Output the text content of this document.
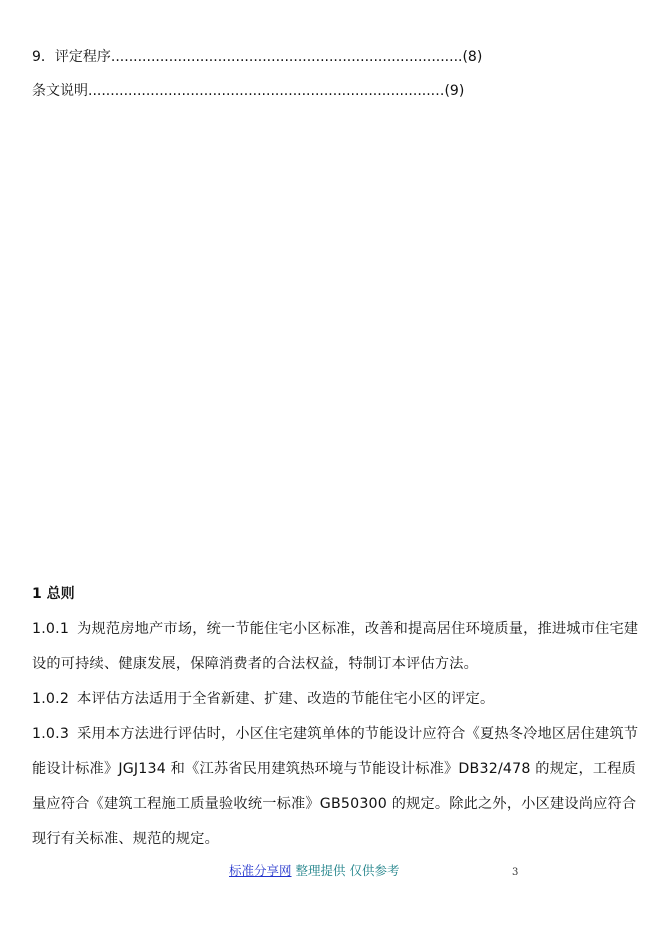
9．评定程序...............................................................................(8)
条文说明..............................................................................‥(9)
1 总则

1.0.1 为规范房地产市场，统一节能住宅小区标准，改善和提高居住环境质量，推进城市住宅建设的可持续、健康发展，保障消费者的合法权益，特制订本评估方法。

1.0.2 本评估方法适用于全省新建、扩建、改造的节能住宅小区的评定。

1.0.3 采用本方法进行评估时，小区住宅建筑单体的节能设计应符合《夏热冬冷地区居住建筑节能设计标准》JGJ134 和《江苏省民用建筑热环境与节能设计标准》DB32/478 的规定，工程质量应符合《建筑工程施工质量验收统一标准》GB50300 的规定。除此之外，小区建设尚应符合现行有关标准、规范的规定。

标准分享网 整理提供 仅供参考	3
